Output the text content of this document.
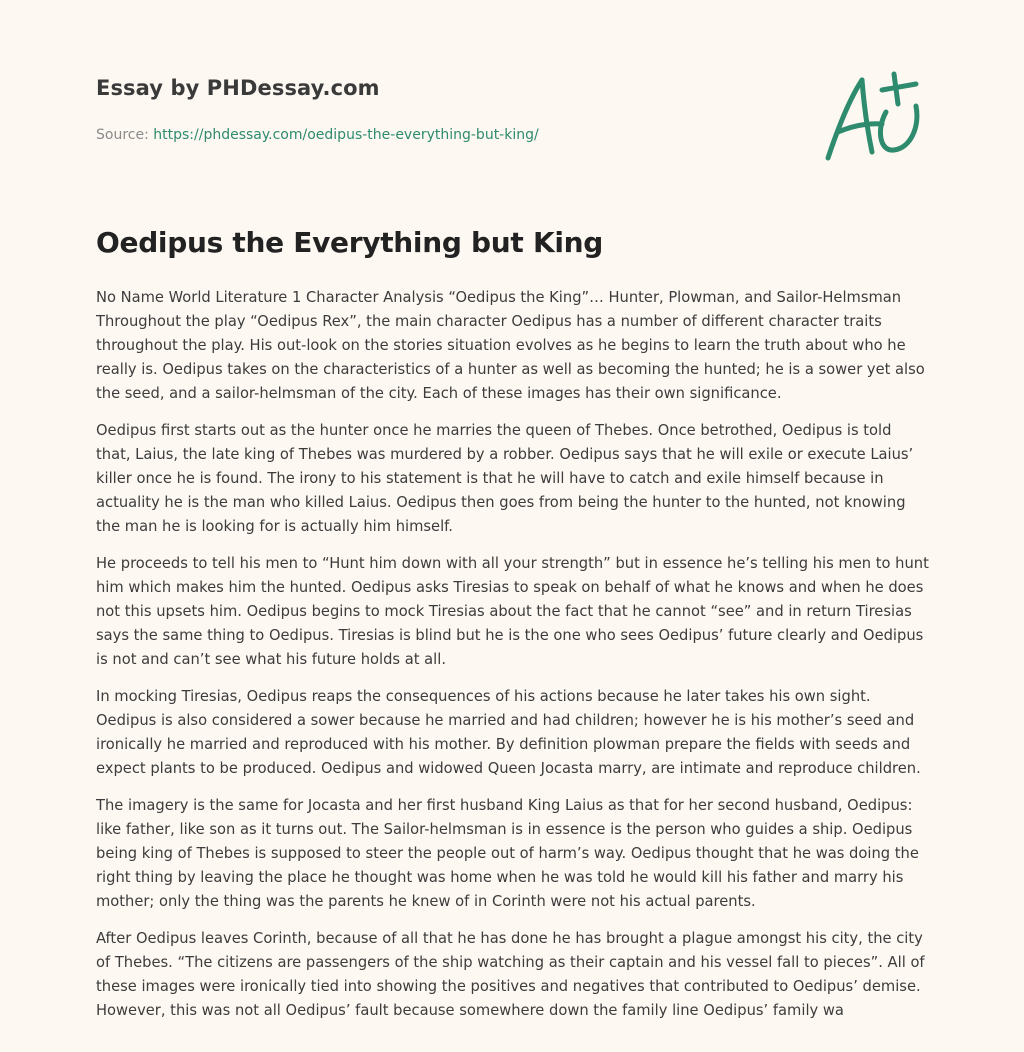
Essay by PHDessay.com
Source: https://phdessay.com/oedipus-the-everything-but-king/
Oedipus the Everything but King

No Name World Literature 1 Character Analysis “Oedipus the King”… Hunter, Plowman, and Sailor-Helmsman Throughout the play “Oedipus Rex”, the main character Oedipus has a number of different character traits throughout the play. His out-look on the stories situation evolves as he begins to learn the truth about who he really is. Oedipus takes on the characteristics of a hunter as well as becoming the hunted; he is a sower yet also the seed, and a sailor-helmsman of the city. Each of these images has their own significance.

Oedipus first starts out as the hunter once he marries the queen of Thebes. Once betrothed, Oedipus is told that, Laius, the late king of Thebes was murdered by a robber. Oedipus says that he will exile or execute Laius’ killer once he is found. The irony to his statement is that he will have to catch and exile himself because in actuality he is the man who killed Laius. Oedipus then goes from being the hunter to the hunted, not knowing the man he is looking for is actually him himself.

He proceeds to tell his men to “Hunt him down with all your strength” but in essence he’s telling his men to hunt him which makes him the hunted. Oedipus asks Tiresias to speak on behalf of what he knows and when he does not this upsets him. Oedipus begins to mock Tiresias about the fact that he cannot “see” and in return Tiresias says the same thing to Oedipus. Tiresias is blind but he is the one who sees Oedipus’ future clearly and Oedipus is not and can’t see what his future holds at all.

In mocking Tiresias, Oedipus reaps the consequences of his actions because he later takes his own sight. Oedipus is also considered a sower because he married and had children; however he is his mother’s seed and ironically he married and reproduced with his mother. By definition plowman prepare the fields with seeds and expect plants to be produced. Oedipus and widowed Queen Jocasta marry, are intimate and reproduce children.

The imagery is the same for Jocasta and her first husband King Laius as that for her second husband, Oedipus: like father, like son as it turns out. The Sailor-helmsman is in essence is the person who guides a ship. Oedipus being king of Thebes is supposed to steer the people out of harm’s way. Oedipus thought that he was doing the right thing by leaving the place he thought was home when he was told he would kill his father and marry his mother; only the thing was the parents he knew of in Corinth were not his actual parents.

After Oedipus leaves Corinth, because of all that he has done he has brought a plague amongst his city, the city of Thebes. “The citizens are passengers of the ship watching as their captain and his vessel fall to pieces”. All of these images were ironically tied into showing the positives and negatives that contributed to Oedipus’ demise. However, this was not all Oedipus’ fault because somewhere down the family line Oedipus’ family wa
